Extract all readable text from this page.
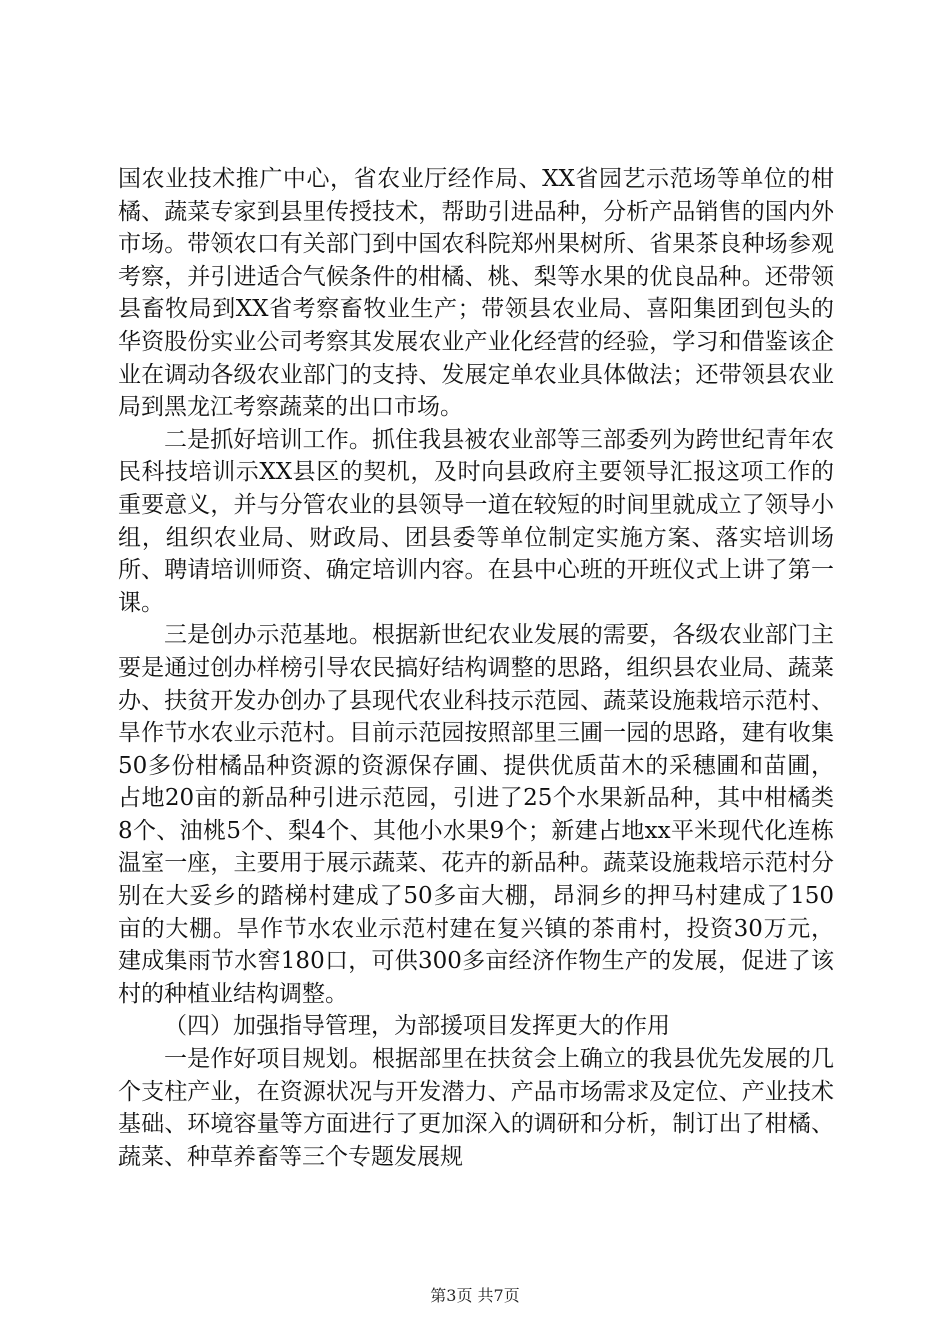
国农业技术推广中心，省农业厅经作局、XX省园艺示范场等单位的柑橘、蔬菜专家到县里传授技术，帮助引进品种，分析产品销售的国内外市场。带领农口有关部门到中国农科院郑州果树所、省果茶良种场参观考察，并引进适合气候条件的柑橘、桃、梨等水果的优良品种。还带领县畜牧局到XX省考察畜牧业生产；带领县农业局、喜阳集团到包头的华资股份实业公司考察其发展农业产业化经营的经验，学习和借鉴该企业在调动各级农业部门的支持、发展定单农业具体做法；还带领县农业局到黑龙江考察蔬菜的出口市场。

二是抓好培训工作。抓住我县被农业部等三部委列为跨世纪青年农民科技培训示XX县区的契机，及时向县政府主要领导汇报这项工作的重要意义，并与分管农业的县领导一道在较短的时间里就成立了领导小组，组织农业局、财政局、团县委等单位制定实施方案、落实培训场所、聘请培训师资、确定培训内容。在县中心班的开班仪式上讲了第一课。

三是创办示范基地。根据新世纪农业发展的需要，各级农业部门主要是通过创办样榜引导农民搞好结构调整的思路，组织县农业局、蔬菜办、扶贫开发办创办了县现代农业科技示范园、蔬菜设施栽培示范村、旱作节水农业示范村。目前示范园按照部里三圃一园的思路，建有收集50多份柑橘品种资源的资源保存圃、提供优质苗木的采穗圃和苗圃，占地20亩的新品种引进示范园，引进了25个水果新品种，其中柑橘类8个、油桃5个、梨4个、其他小水果9个；新建占地xx平米现代化连栋温室一座，主要用于展示蔬菜、花卉的新品种。蔬菜设施栽培示范村分别在大妥乡的踏梯村建成了50多亩大棚，昂洞乡的押马村建成了150亩的大棚。旱作节水农业示范村建在复兴镇的茶甫村，投资30万元，建成集雨节水窖180口，可供300多亩经济作物生产的发展，促进了该村的种植业结构调整。

（四）加强指导管理，为部援项目发挥更大的作用

一是作好项目规划。根据部里在扶贫会上确立的我县优先发展的几个支柱产业，在资源状况与开发潜力、产品市场需求及定位、产业技术基础、环境容量等方面进行了更加深入的调研和分析，制订出了柑橘、蔬菜、种草养畜等三个专题发展规

第3页 共7页
